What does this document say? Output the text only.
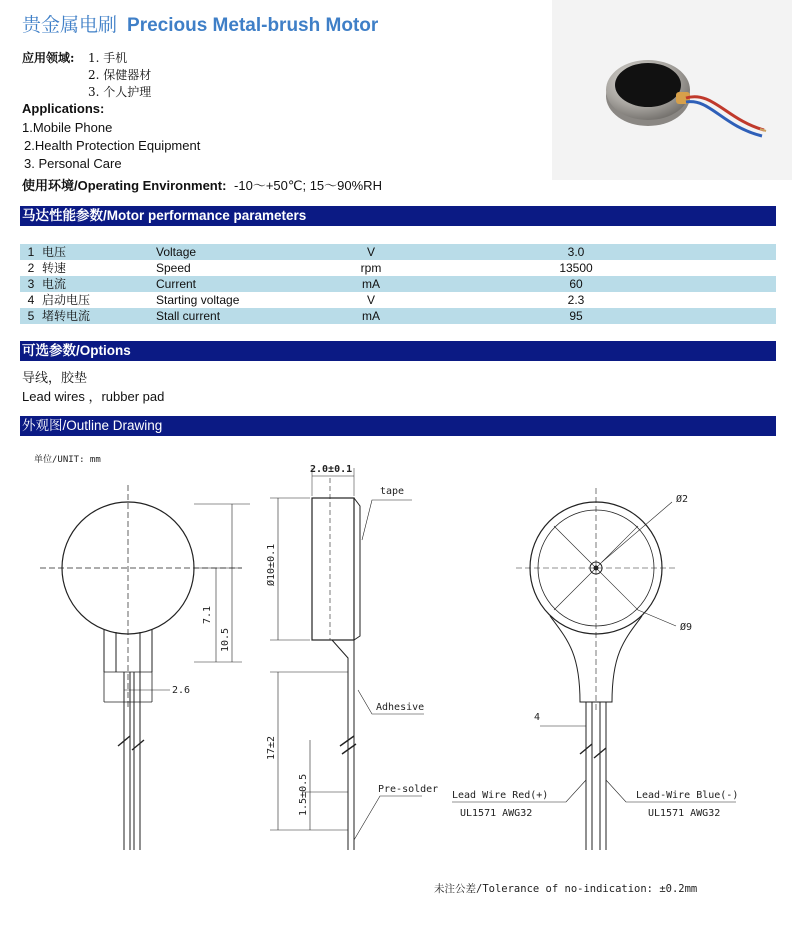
贵金属电刷 Precious Metal-brush Motor
应用领域: 1. 手机
2. 保健器材
3. 个人护理
Applications:
1.Mobile Phone
2.Health Protection Equipment
3. Personal Care
使用环境/Operating Environment: -10～+50℃; 15～90%RH
马达性能参数/Motor performance parameters
1	电压	Voltage	V	3.0	
2	转速	Speed	rpm	13500	
3	电流	Current	mA	60	
4	启动电压	Starting voltage	V	2.3	
5	堵转电流	Stall current	mA	95	
可选参数/Options
导线，胶垫
Lead wires ，rubber pad
外观图/Outline Drawing
单位/UNIT: mm
2.6
7.1
10.5
2.0±0.1
Ø10±0.1
17±2
1.5±0.5
tape
Adhesive
Pre-solder
Ø2
Ø9
4
Lead Wire Red(+)
UL1571 AWG32
Lead-Wire Blue(-)
UL1571 AWG32
未注公差/Tolerance of no-indication: ±0.2mm
